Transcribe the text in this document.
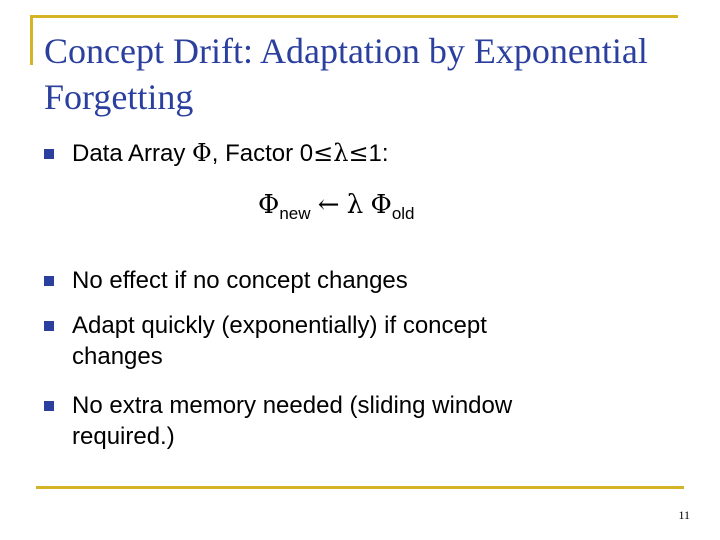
Concept Drift: Adaptation by Exponential Forgetting
Data Array Φ, Factor 0≤λ≤1:
$\Phi_{new}$ ← λ $\Phi_{old}$
No effect if no concept changes
Adapt quickly (exponentially) if concept
changes
No extra memory needed (sliding window
required.)
11
